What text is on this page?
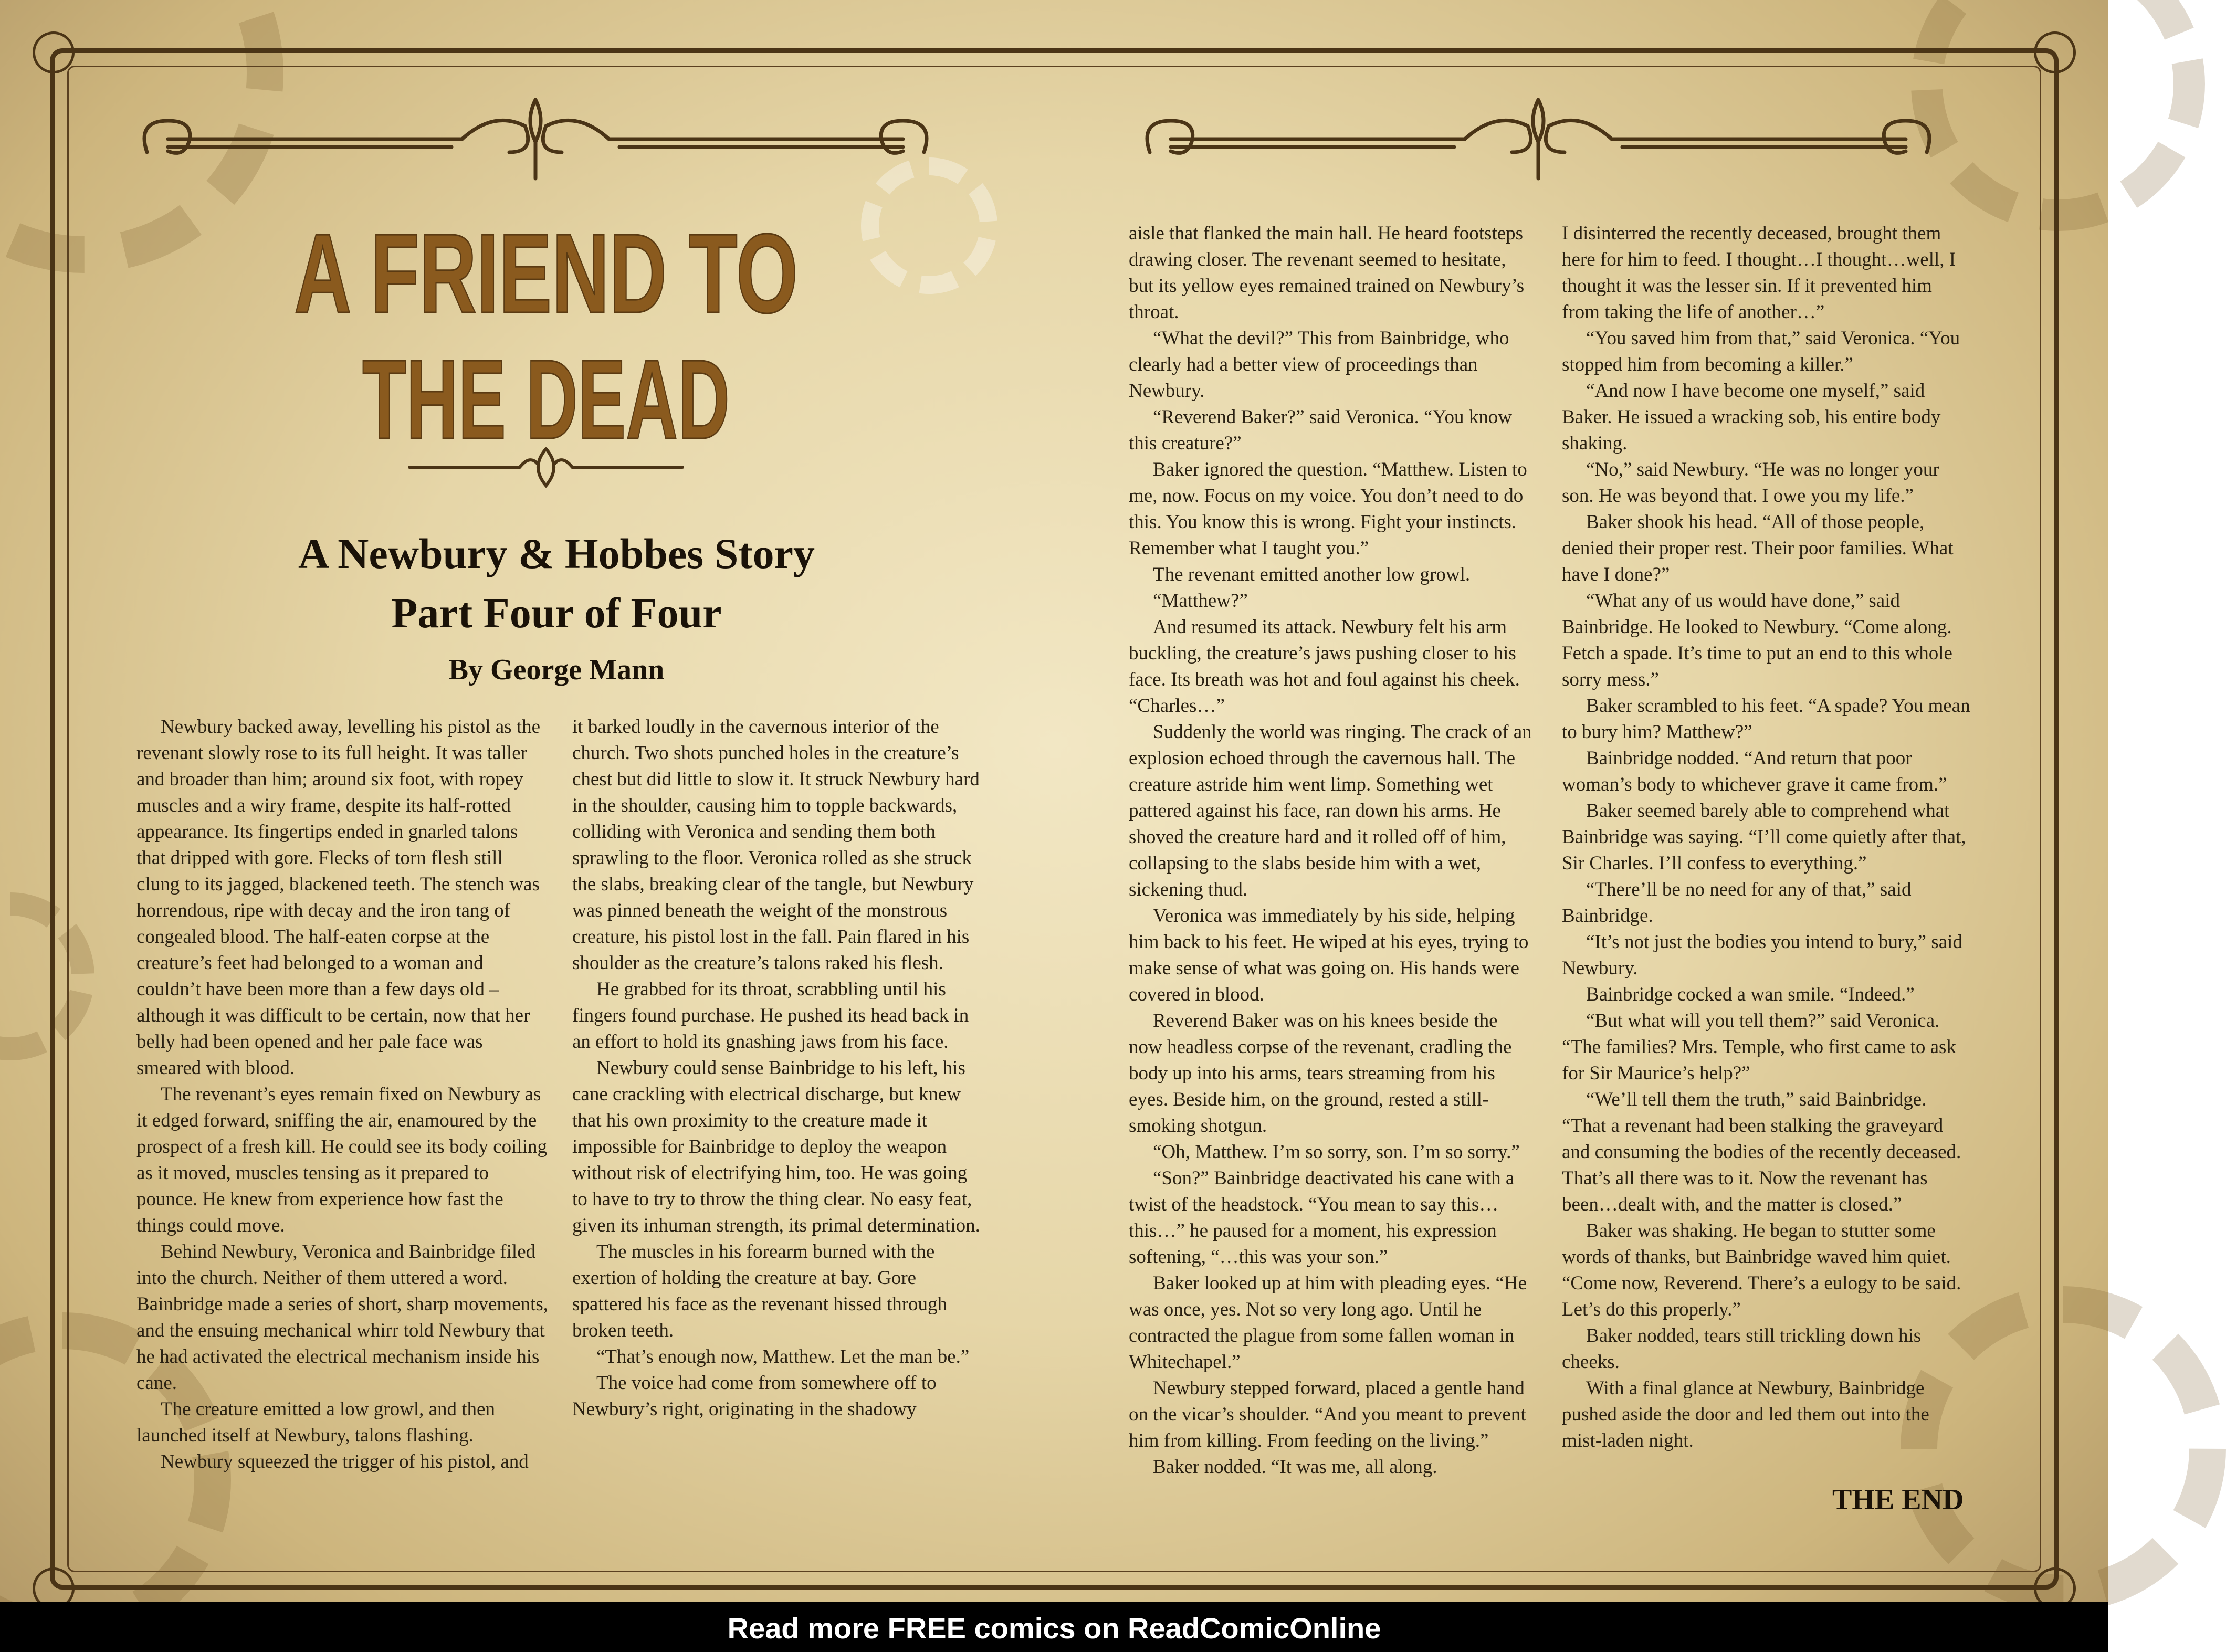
A FRIEND TO
THE DEAD
A Newbury & Hobbes Story
Part Four of Four
By George Mann

Newbury backed away, levelling his pistol as the revenant slowly rose to its full height. It was taller and broader than him; around six foot, with ropey muscles and a wiry frame, despite its half-rotted appearance. Its fingertips ended in gnarled talons that dripped with gore. Flecks of torn flesh still clung to its jagged, blackened teeth. The stench was horrendous, ripe with decay and the iron tang of congealed blood. The half-eaten corpse at the creature’s feet had belonged to a woman and couldn’t have been more than a few days old – although it was difficult to be certain, now that her belly had been opened and her pale face was smeared with blood.

The revenant’s eyes remain fixed on Newbury as it edged forward, sniffing the air, enamoured by the prospect of a fresh kill. He could see its body coiling as it moved, muscles tensing as it prepared to pounce. He knew from experience how fast the things could move.

Behind Newbury, Veronica and Bainbridge filed into the church. Neither of them uttered a word. Bainbridge made a series of short, sharp movements, and the ensuing mechanical whirr told Newbury that he had activated the electrical mechanism inside his cane.

The creature emitted a low growl, and then launched itself at Newbury, talons flashing.

Newbury squeezed the trigger of his pistol, and

it barked loudly in the cavernous interior of the church. Two shots punched holes in the creature’s chest but did little to slow it. It struck Newbury hard in the shoulder, causing him to topple backwards, colliding with Veronica and sending them both sprawling to the floor. Veronica rolled as she struck the slabs, breaking clear of the tangle, but Newbury was pinned beneath the weight of the monstrous creature, his pistol lost in the fall. Pain flared in his shoulder as the creature’s talons raked his flesh.

He grabbed for its throat, scrabbling until his fingers found purchase. He pushed its head back in an effort to hold its gnashing jaws from his face.

Newbury could sense Bainbridge to his left, his cane crackling with electrical discharge, but knew that his own proximity to the creature made it impossible for Bainbridge to deploy the weapon without risk of electrifying him, too. He was going to have to try to throw the thing clear. No easy feat, given its inhuman strength, its primal determination.

The muscles in his forearm burned with the exertion of holding the creature at bay. Gore spattered his face as the revenant hissed through broken teeth.

“That’s enough now, Matthew. Let the man be.”

The voice had come from somewhere off to Newbury’s right, originating in the shadowy

aisle that flanked the main hall. He heard footsteps drawing closer. The revenant seemed to hesitate, but its yellow eyes remained trained on Newbury’s throat.

“What the devil?” This from Bainbridge, who clearly had a better view of proceedings than Newbury.

“Reverend Baker?” said Veronica. “You know this creature?”

Baker ignored the question. “Matthew. Listen to me, now. Focus on my voice. You don’t need to do this. You know this is wrong. Fight your instincts. Remember what I taught you.”

The revenant emitted another low growl.

“Matthew?”

And resumed its attack. Newbury felt his arm buckling, the creature’s jaws pushing closer to his face. Its breath was hot and foul against his cheek. “Charles…”

Suddenly the world was ringing. The crack of an explosion echoed through the cavernous hall. The creature astride him went limp. Something wet pattered against his face, ran down his arms. He shoved the creature hard and it rolled off of him, collapsing to the slabs beside him with a wet, sickening thud.

Veronica was immediately by his side, helping him back to his feet. He wiped at his eyes, trying to make sense of what was going on. His hands were covered in blood.

Reverend Baker was on his knees beside the now headless corpse of the revenant, cradling the body up into his arms, tears streaming from his eyes. Beside him, on the ground, rested a still-smoking shotgun.

“Oh, Matthew. I’m so sorry, son. I’m so sorry.”

“Son?” Bainbridge deactivated his cane with a twist of the headstock. “You mean to say this… this…” he paused for a moment, his expression softening, “…this was your son.”

Baker looked up at him with pleading eyes. “He was once, yes. Not so very long ago. Until he contracted the plague from some fallen woman in Whitechapel.”

Newbury stepped forward, placed a gentle hand on the vicar’s shoulder. “And you meant to prevent him from killing. From feeding on the living.”

Baker nodded. “It was me, all along.

I disinterred the recently deceased, brought them here for him to feed. I thought…I thought…well, I thought it was the lesser sin. If it prevented him from taking the life of another…”

“You saved him from that,” said Veronica. “You stopped him from becoming a killer.”

“And now I have become one myself,” said Baker. He issued a wracking sob, his entire body shaking.

“No,” said Newbury. “He was no longer your son. He was beyond that. I owe you my life.”

Baker shook his head. “All of those people, denied their proper rest. Their poor families. What have I done?”

“What any of us would have done,” said Bainbridge. He looked to Newbury. “Come along. Fetch a spade. It’s time to put an end to this whole sorry mess.”

Baker scrambled to his feet. “A spade? You mean to bury him? Matthew?”

Bainbridge nodded. “And return that poor woman’s body to whichever grave it came from.”

Baker seemed barely able to comprehend what Bainbridge was saying. “I’ll come quietly after that, Sir Charles. I’ll confess to everything.”

“There’ll be no need for any of that,” said Bainbridge.

“It’s not just the bodies you intend to bury,” said Newbury.

Bainbridge cocked a wan smile. “Indeed.”

“But what will you tell them?” said Veronica. “The families? Mrs. Temple, who first came to ask for Sir Maurice’s help?”

“We’ll tell them the truth,” said Bainbridge. “That a revenant had been stalking the graveyard and consuming the bodies of the recently deceased. That’s all there was to it. Now the revenant has been…dealt with, and the matter is closed.”

Baker was shaking. He began to stutter some words of thanks, but Bainbridge waved him quiet. “Come now, Reverend. There’s a eulogy to be said. Let’s do this properly.”

Baker nodded, tears still trickling down his cheeks.

With a final glance at Newbury, Bainbridge pushed aside the door and led them out into the mist-laden night.

THE END
Read more FREE comics on ReadComicOnline
